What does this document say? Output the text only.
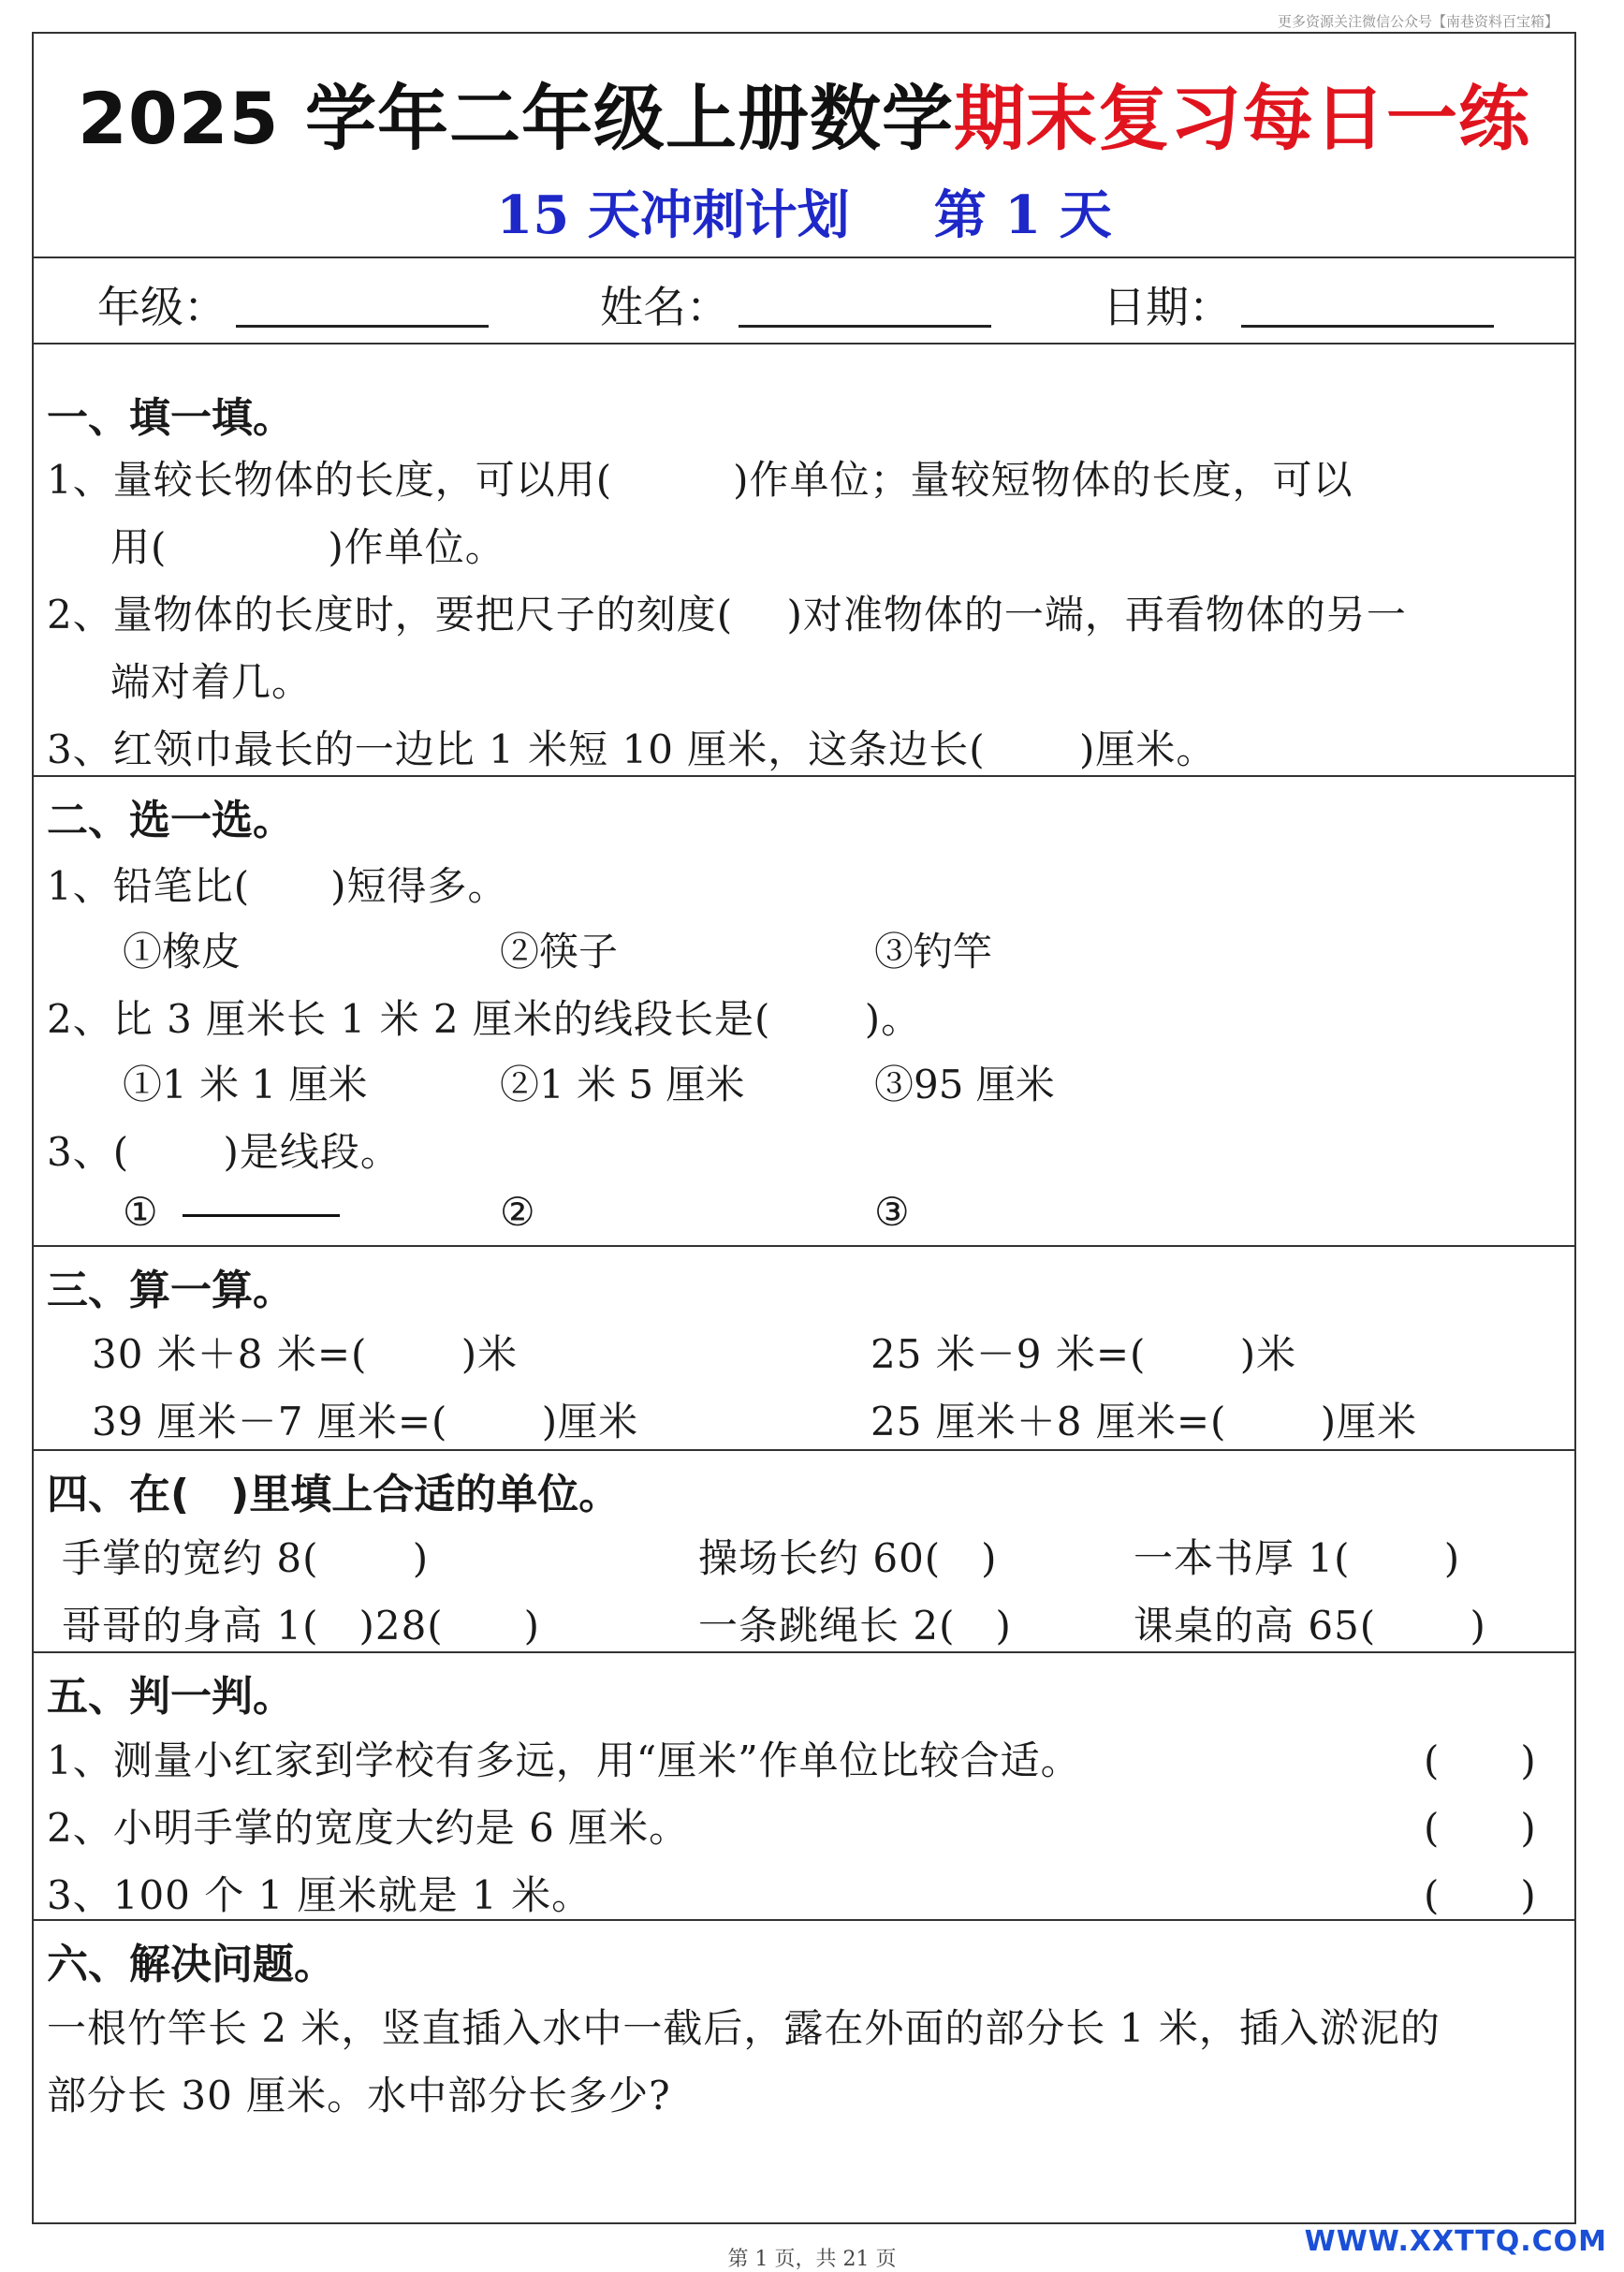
更多资源关注微信公众号【南巷资料百宝箱】
2025 学年二年级上册数学期末复习每日一练
15 天冲刺计划 第 1 天
年级：	姓名：	日期：
一、填一填。
1、量较长物体的长度，可以用(　　　)作单位；量较短物体的长度，可以
用(　　　　)作单位。
2、量物体的长度时，要把尺子的刻度(　 )对准物体的一端，再看物体的另一
端对着几。
3、红领巾最长的一边比 1 米短 10 厘米，这条边长(　　 )厘米。
二、选一选。
1、铅笔比(　　)短得多。
①橡皮	②筷子	③钓竿
2、比 3 厘米长 1 米 2 厘米的线段长是(　　 )。
①1 米 1 厘米	②1 米 5 厘米	③95 厘米
3、(　　 )是线段。
①	②	③
三、算一算。
30 米＋8 米=(　　 )米	25 米－9 米=(　　 )米
39 厘米－7 厘米=(　　 )厘米	25 厘米＋8 厘米=(　　 )厘米
四、在(　)里填上合适的单位。
手掌的宽约 8(　　 )	操场长约 60(　)	一本书厚 1(　　 )
哥哥的身高 1(　)28(　　)	一条跳绳长 2(　)	课桌的高 65(　　 )
五、判一判。
1、测量小红家到学校有多远，用“厘米”作单位比较合适。	(　　)
2、小明手掌的宽度大约是 6 厘米。	(　　)
3、100 个 1 厘米就是 1 米。	(　　)
六、解决问题。
一根竹竿长 2 米，竖直插入水中一截后，露在外面的部分长 1 米，插入淤泥的
部分长 30 厘米。水中部分长多少?
第 1 页，共 21 页
WWW.XXTTQ.COM
